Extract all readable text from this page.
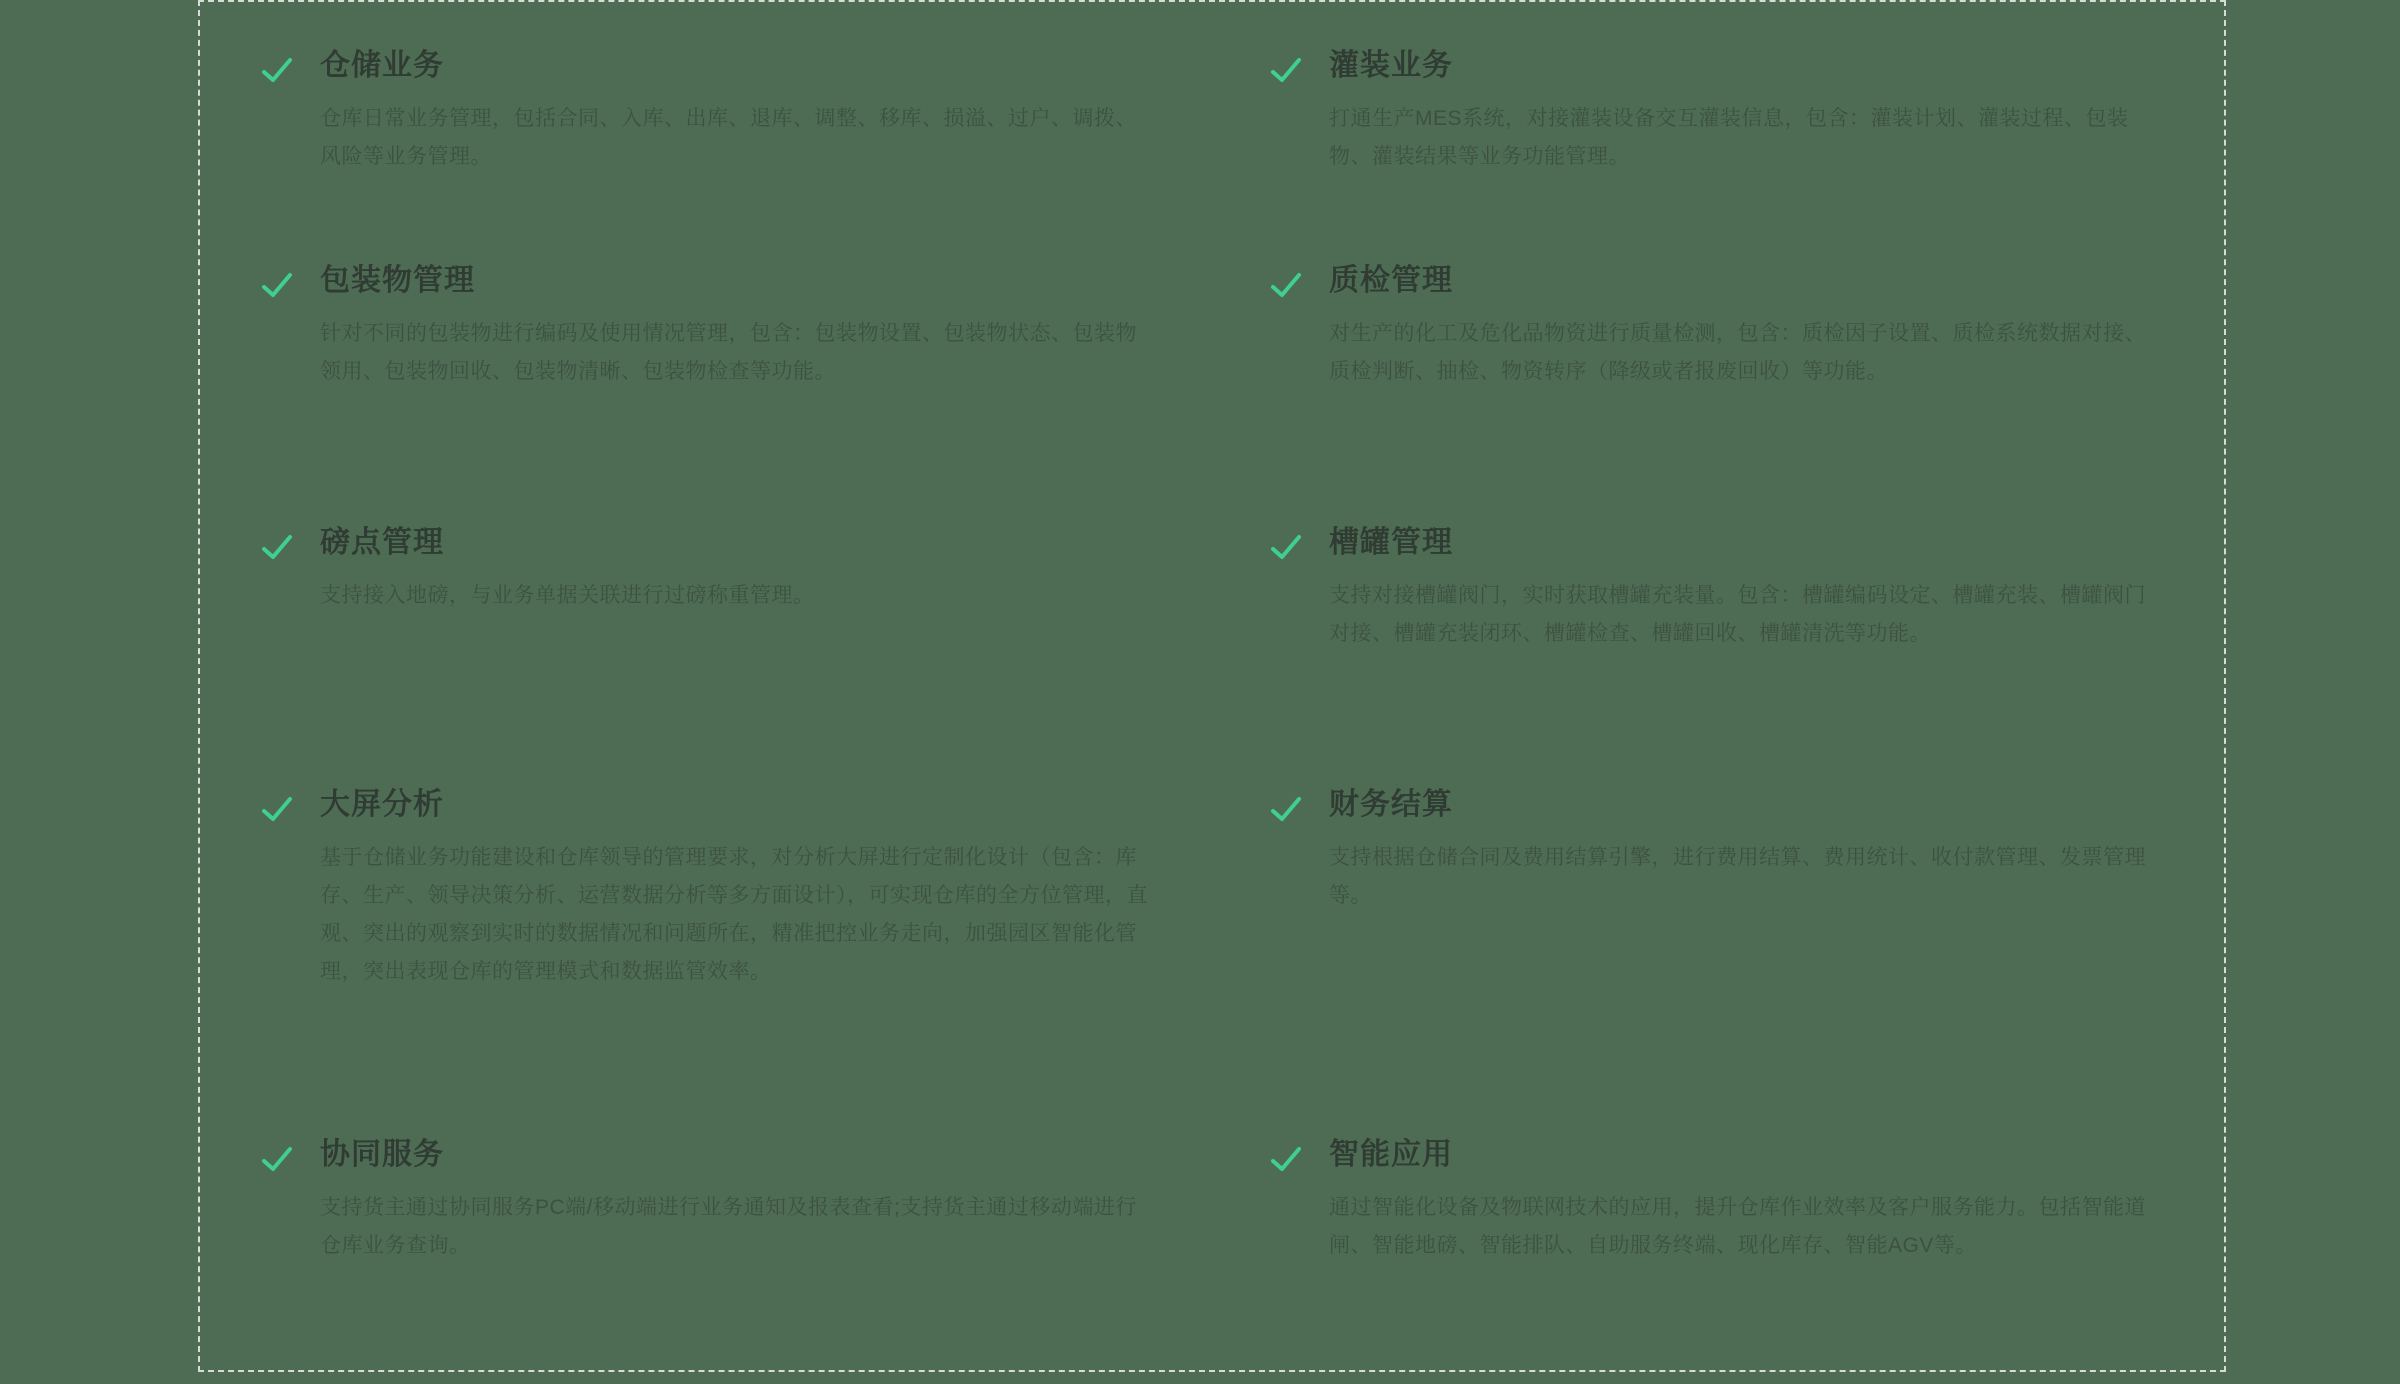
仓储业务

仓库日常业务管理，包括合同、入库、出库、退库、调整、移库、损溢、过户、调拨、风险等业务管理。

灌装业务

打通生产MES系统，对接灌装设备交互灌装信息，包含：灌装计划、灌装过程、包装物、灌装结果等业务功能管理。

包装物管理

针对不同的包装物进行编码及使用情况管理，包含：包装物设置、包装物状态、包装物领用、包装物回收、包装物清晰、包装物检查等功能。

质检管理

对生产的化工及危化品物资进行质量检测，包含：质检因子设置、质检系统数据对接、质检判断、抽检、物资转序（降级或者报废回收）等功能。

磅点管理

支持接入地磅，与业务单据关联进行过磅称重管理。

槽罐管理

支持对接槽罐阀门，实时获取槽罐充装量。包含：槽罐编码设定、槽罐充装、槽罐阀门对接、槽罐充装闭环、槽罐检查、槽罐回收、槽罐清洗等功能。

大屏分析

基于仓储业务功能建设和仓库领导的管理要求，对分析大屏进行定制化设计（包含：库存、生产、领导决策分析、运营数据分析等多方面设计），可实现仓库的全方位管理，直观、突出的观察到实时的数据情况和问题所在，精准把控业务走向，加强园区智能化管理，突出表现仓库的管理模式和数据监管效率。

财务结算

支持根据仓储合同及费用结算引擎，进行费用结算、费用统计、收付款管理、发票管理等。

协同服务

支持货主通过协同服务PC端/移动端进行业务通知及报表查看;支持货主通过移动端进行仓库业务查询。

智能应用

通过智能化设备及物联网技术的应用，提升仓库作业效率及客户服务能力。包括智能道闸、智能地磅、智能排队、自助服务终端、现化库存、智能AGV等。
